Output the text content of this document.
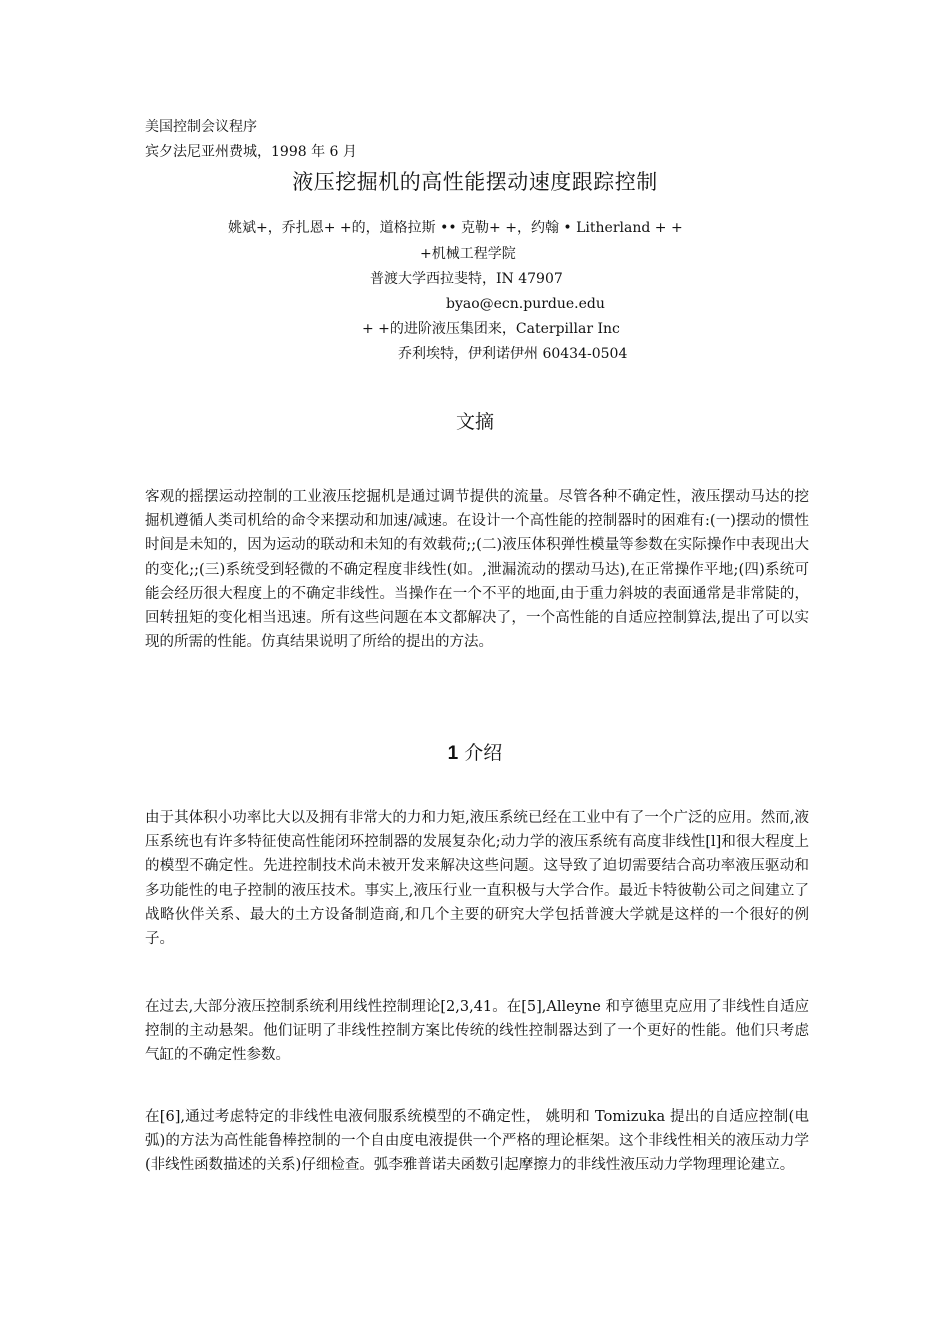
美国控制会议程序
宾夕法尼亚州费城，1998 年 6 月
液压挖掘机的高性能摆动速度跟踪控制
姚斌+，乔扎恩+ +的，道格拉斯 •• 克勒+ +，约翰 • Litherland + +
+机械工程学院
普渡大学西拉斐特，IN 47907
byao@ecn.purdue.edu
+ +的进阶液压集团来，Caterpillar Inc
乔利埃特，伊利诺伊州 60434-0504
文摘

客观的摇摆运动控制的工业液压挖掘机是通过调节提供的流量。尽管各种不确定性，液压摆动马达的挖掘机遵循人类司机给的命令来摆动和加速/减速。在设计一个高性能的控制器时的困难有:(一)摆动的惯性时间是未知的，因为运动的联动和未知的有效载荷;;(二)液压体积弹性模量等参数在实际操作中表现出大的变化;;(三)系统受到轻微的不确定程度非线性(如。,泄漏流动的摆动马达),在正常操作平地;(四)系统可能会经历很大程度上的不确定非线性。当操作在一个不平的地面,由于重力斜坡的表面通常是非常陡的，回转扭矩的变化相当迅速。所有这些问题在本文都解决了，一个高性能的自适应控制算法,提出了可以实现的所需的性能。仿真结果说明了所给的提出的方法。

1 介绍

由于其体积小功率比大以及拥有非常大的力和力矩,液压系统已经在工业中有了一个广泛的应用。然而,液压系统也有许多特征使高性能闭环控制器的发展复杂化;动力学的液压系统有高度非线性[l]和很大程度上的模型不确定性。先进控制技术尚未被开发来解决这些问题。这导致了迫切需要结合高功率液压驱动和多功能性的电子控制的液压技术。事实上,液压行业一直积极与大学合作。最近卡特彼勒公司之间建立了战略伙伴关系、最大的土方设备制造商,和几个主要的研究大学包括普渡大学就是这样的一个很好的例子。

在过去,大部分液压控制系统利用线性控制理论[2,3,41。在[5],Alleyne 和亨德里克应用了非线性自适应控制的主动悬架。他们证明了非线性控制方案比传统的线性控制器达到了一个更好的性能。他们只考虑气缸的不确定性参数。

在[6],通过考虑特定的非线性电液伺服系统模型的不确定性， 姚明和 Tomizuka 提出的自适应控制(电弧)的方法为高性能鲁棒控制的一个自由度电液提供一个严格的理论框架。这个非线性相关的液压动力学(非线性函数描述的关系)仔细检查。弧李雅普诺夫函数引起摩擦力的非线性液压动力学物理理论建立。
